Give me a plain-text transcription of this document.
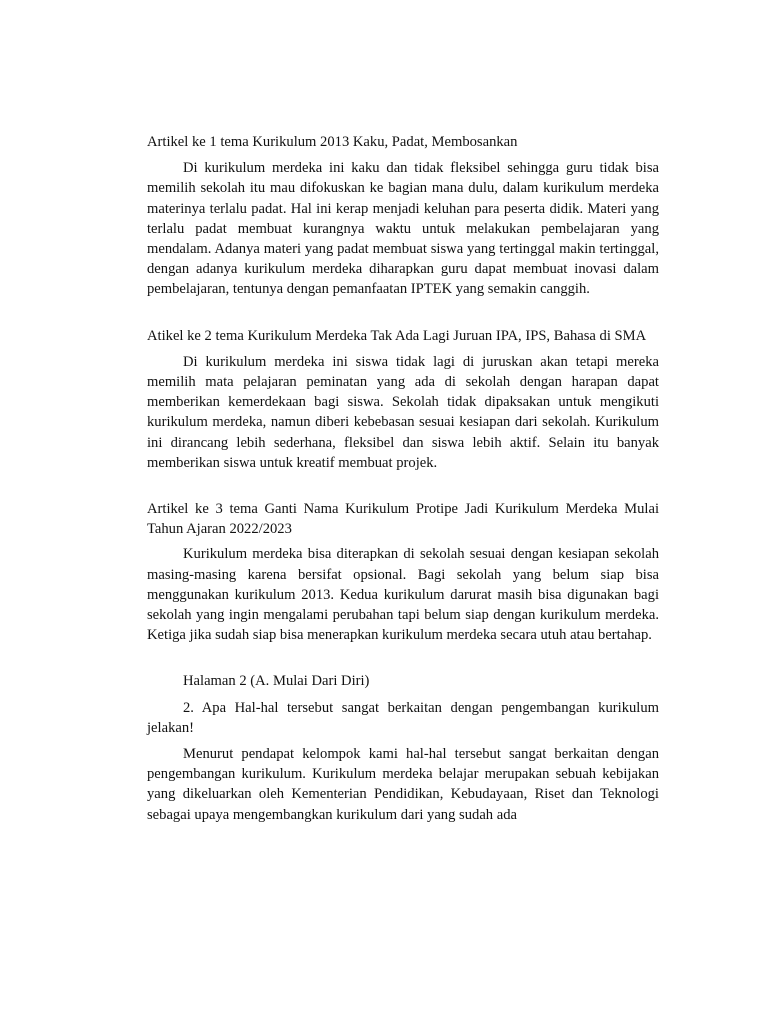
Artikel ke 1 tema Kurikulum 2013 Kaku, Padat, Membosankan

Di kurikulum merdeka ini kaku dan tidak fleksibel sehingga guru tidak bisa memilih sekolah itu mau difokuskan ke bagian mana dulu, dalam kurikulum merdeka materinya terlalu padat. Hal ini kerap menjadi keluhan para peserta didik. Materi yang terlalu padat membuat kurangnya waktu untuk melakukan pembelajaran yang mendalam. Adanya materi yang padat membuat siswa yang tertinggal makin tertinggal, dengan adanya kurikulum merdeka diharapkan guru dapat membuat inovasi dalam pembelajaran, tentunya dengan pemanfaatan IPTEK yang semakin canggih.

Atikel ke 2 tema Kurikulum Merdeka Tak Ada Lagi Juruan IPA, IPS, Bahasa di SMA

Di kurikulum merdeka ini siswa tidak lagi di juruskan akan tetapi mereka memilih mata pelajaran peminatan yang ada di sekolah dengan harapan dapat memberikan kemerdekaan bagi siswa. Sekolah tidak dipaksakan untuk mengikuti kurikulum merdeka, namun diberi kebebasan sesuai kesiapan dari sekolah. Kurikulum ini dirancang lebih sederhana, fleksibel dan siswa lebih aktif. Selain itu banyak memberikan siswa untuk kreatif membuat projek.

Artikel ke 3 tema Ganti Nama Kurikulum Protipe Jadi Kurikulum Merdeka Mulai Tahun Ajaran 2022/2023

Kurikulum merdeka bisa diterapkan di sekolah sesuai dengan kesiapan sekolah masing-masing karena bersifat opsional. Bagi sekolah yang belum siap bisa menggunakan kurikulum 2013. Kedua kurikulum darurat masih bisa digunakan bagi sekolah yang ingin mengalami perubahan tapi belum siap dengan kurikulum merdeka. Ketiga jika sudah siap bisa menerapkan kurikulum merdeka secara utuh atau bertahap.

Halaman 2 (A. Mulai Dari Diri)

2. Apa Hal-hal tersebut sangat berkaitan dengan pengembangan kurikulum jelakan!

Menurut pendapat kelompok kami hal-hal tersebut sangat berkaitan dengan pengembangan kurikulum. Kurikulum merdeka belajar merupakan sebuah kebijakan yang dikeluarkan oleh Kementerian Pendidikan, Kebudayaan, Riset dan Teknologi sebagai upaya mengembangkan kurikulum dari yang sudah ada
